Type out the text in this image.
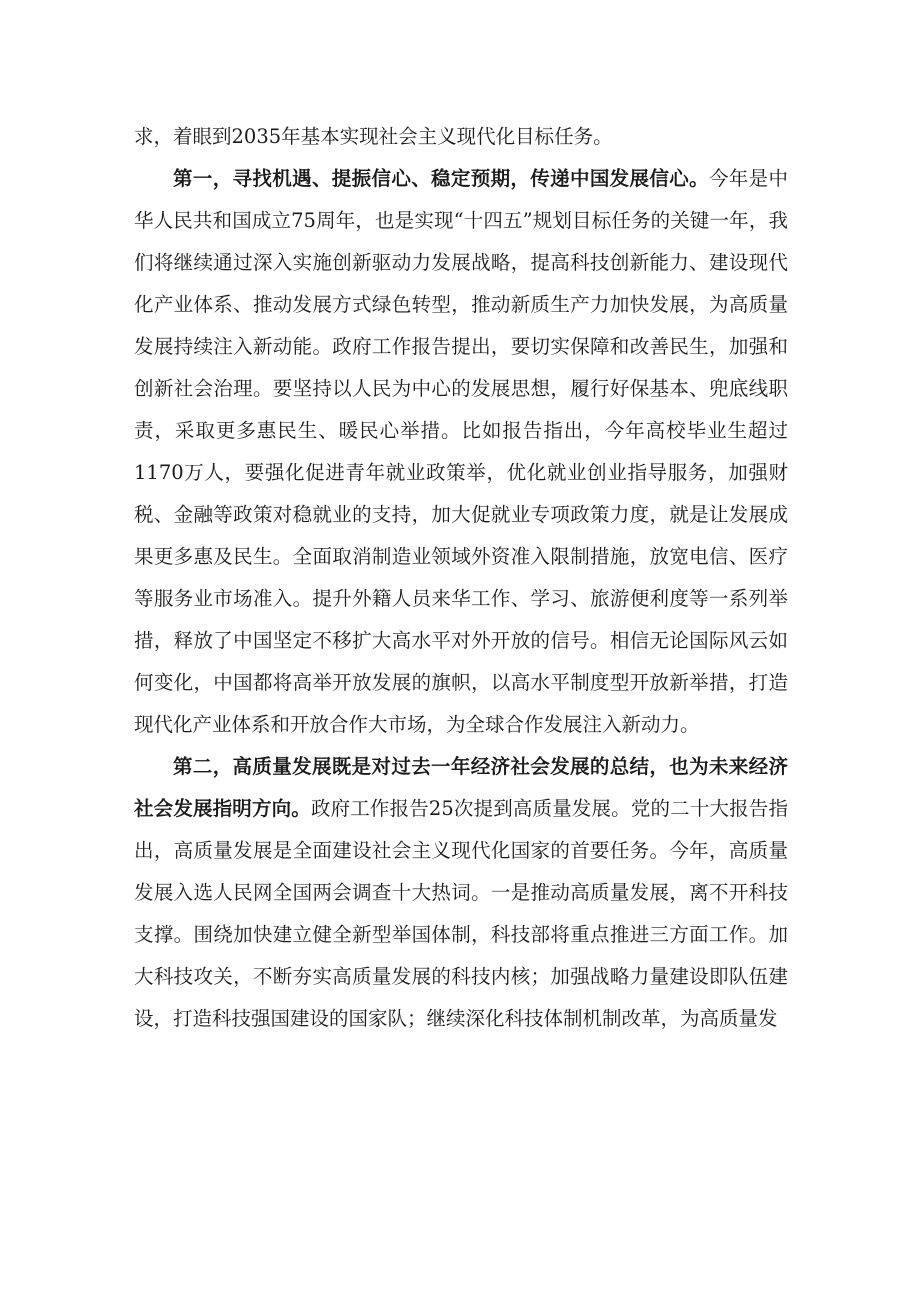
求，着眼到2035年基本实现社会主义现代化目标任务。

第一，寻找机遇、提振信心、稳定预期，传递中国发展信心。今年是中华人民共和国成立75周年，也是实现“十四五”规划目标任务的关键一年，我们将继续通过深入实施创新驱动力发展战略，提高科技创新能力、建设现代化产业体系、推动发展方式绿色转型，推动新质生产力加快发展，为高质量发展持续注入新动能。政府工作报告提出，要切实保障和改善民生，加强和创新社会治理。要坚持以人民为中心的发展思想，履行好保基本、兜底线职责，采取更多惠民生、暖民心举措。比如报告指出，今年高校毕业生超过1170万人，要强化促进青年就业政策举，优化就业创业指导服务，加强财税、金融等政策对稳就业的支持，加大促就业专项政策力度，就是让发展成果更多惠及民生。全面取消制造业领域外资准入限制措施，放宽电信、医疗等服务业市场准入。提升外籍人员来华工作、学习、旅游便利度等一系列举措，释放了中国坚定不移扩大高水平对外开放的信号。相信无论国际风云如何变化，中国都将高举开放发展的旗帜，以高水平制度型开放新举措，打造现代化产业体系和开放合作大市场，为全球合作发展注入新动力。

第二，高质量发展既是对过去一年经济社会发展的总结，也为未来经济社会发展指明方向。政府工作报告25次提到高质量发展。党的二十大报告指出，高质量发展是全面建设社会主义现代化国家的首要任务。今年，高质量发展入选人民网全国两会调查十大热词。一是推动高质量发展，离不开科技支撑。围绕加快建立健全新型举国体制，科技部将重点推进三方面工作。加大科技攻关，不断夯实高质量发展的科技内核；加强战略力量建设即队伍建设，打造科技强国建设的国家队；继续深化科技体制机制改革，为高质量发
